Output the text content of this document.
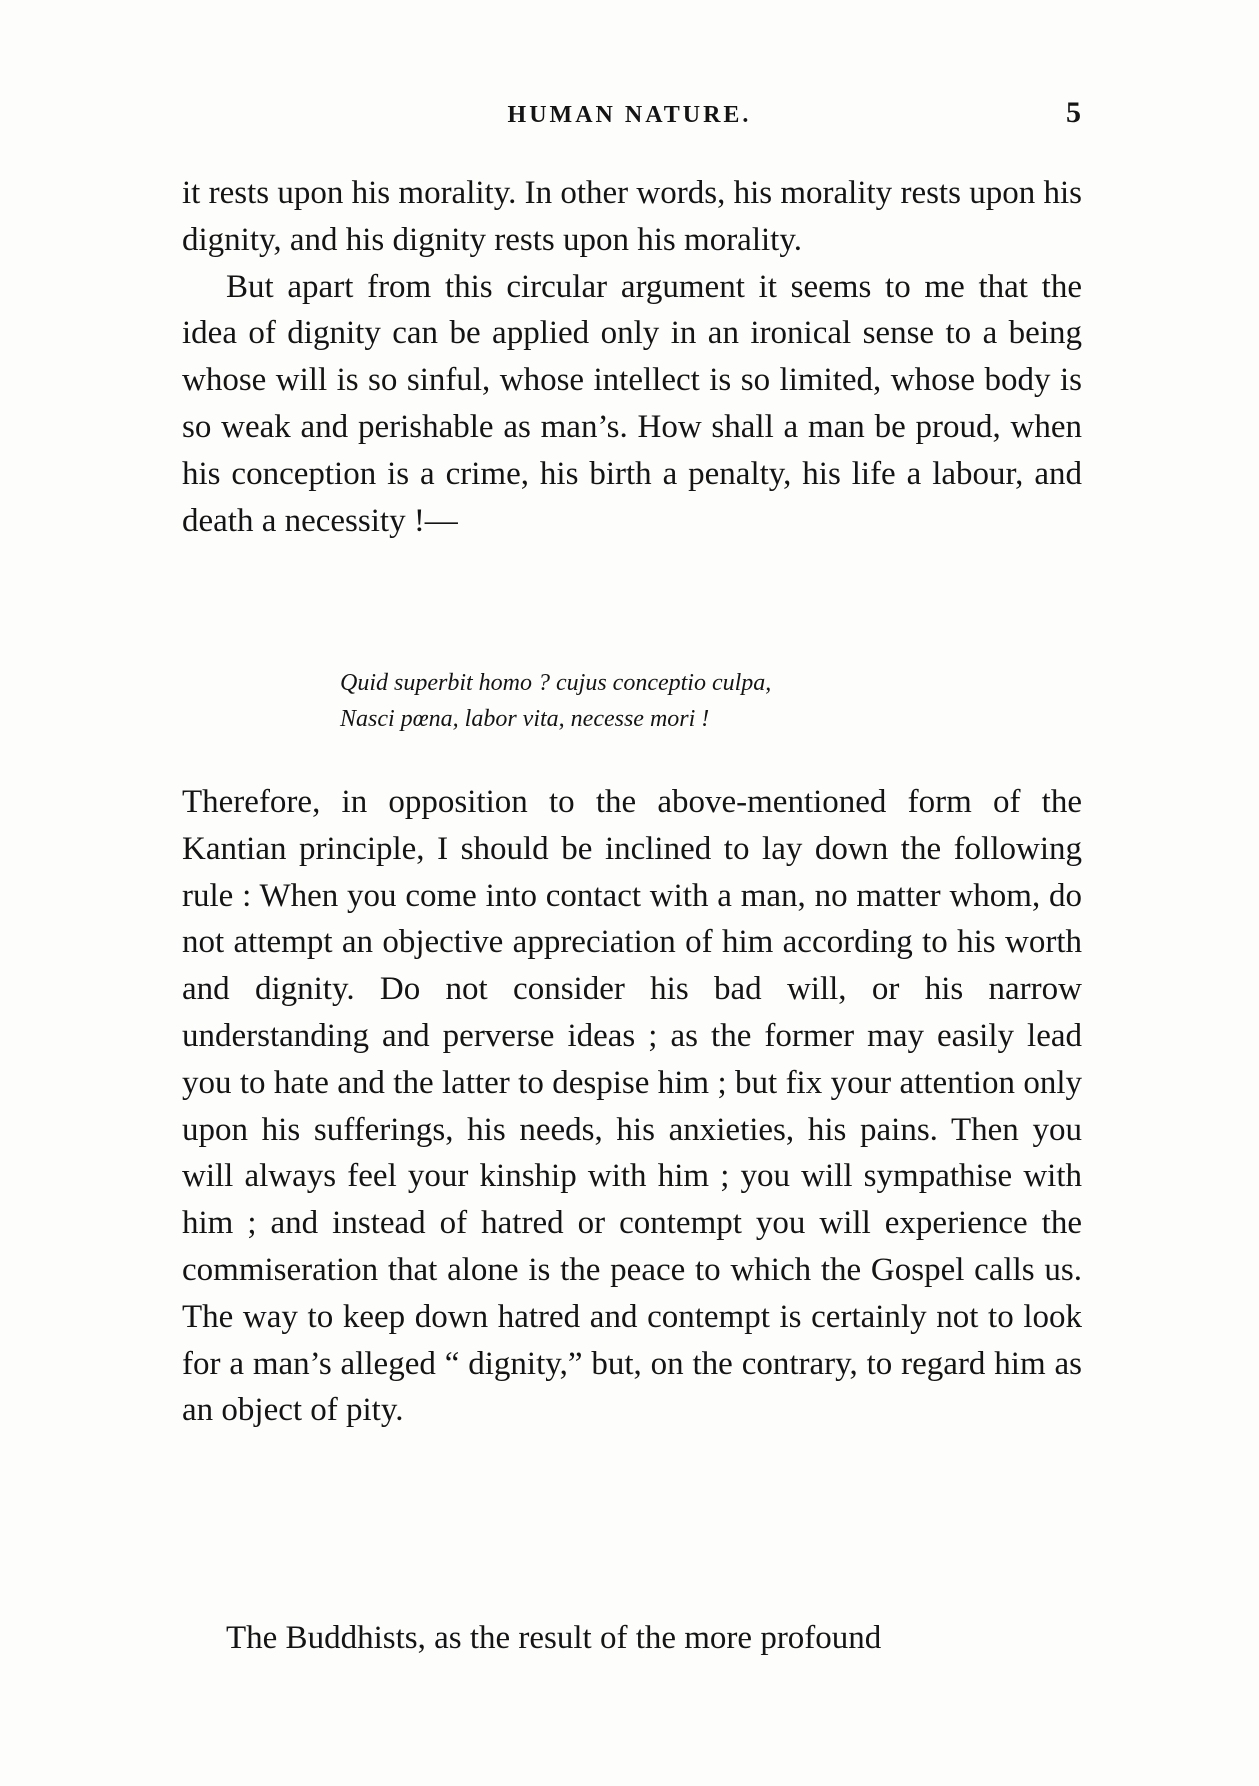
HUMAN NATURE.	5

it rests upon his morality. In other words, his morality rests upon his dignity, and his dignity rests upon his morality.

But apart from this circular argument it seems to me that the idea of dignity can be applied only in an ironical sense to a being whose will is so sinful, whose intellect is so limited, whose body is so weak and perishable as man’s. How shall a man be proud, when his conception is a crime, his birth a penalty, his life a labour, and death a necessity !—

Quid superbit homo ? cujus conceptio culpa,
Nasci pœna, labor vita, necesse mori !

Therefore, in opposition to the above-mentioned form of the Kantian principle, I should be inclined to lay down the following rule : When you come into contact with a man, no matter whom, do not attempt an objective appreciation of him according to his worth and dignity. Do not consider his bad will, or his narrow understanding and perverse ideas ; as the former may easily lead you to hate and the latter to despise him ; but fix your attention only upon his sufferings, his needs, his anxieties, his pains. Then you will always feel your kinship with him ; you will sympathise with him ; and instead of hatred or contempt you will experience the commiseration that alone is the peace to which the Gospel calls us. The way to keep down hatred and contempt is certainly not to look for a man’s alleged “ dignity,” but, on the contrary, to regard him as an object of pity.

The Buddhists, as the result of the more profound
